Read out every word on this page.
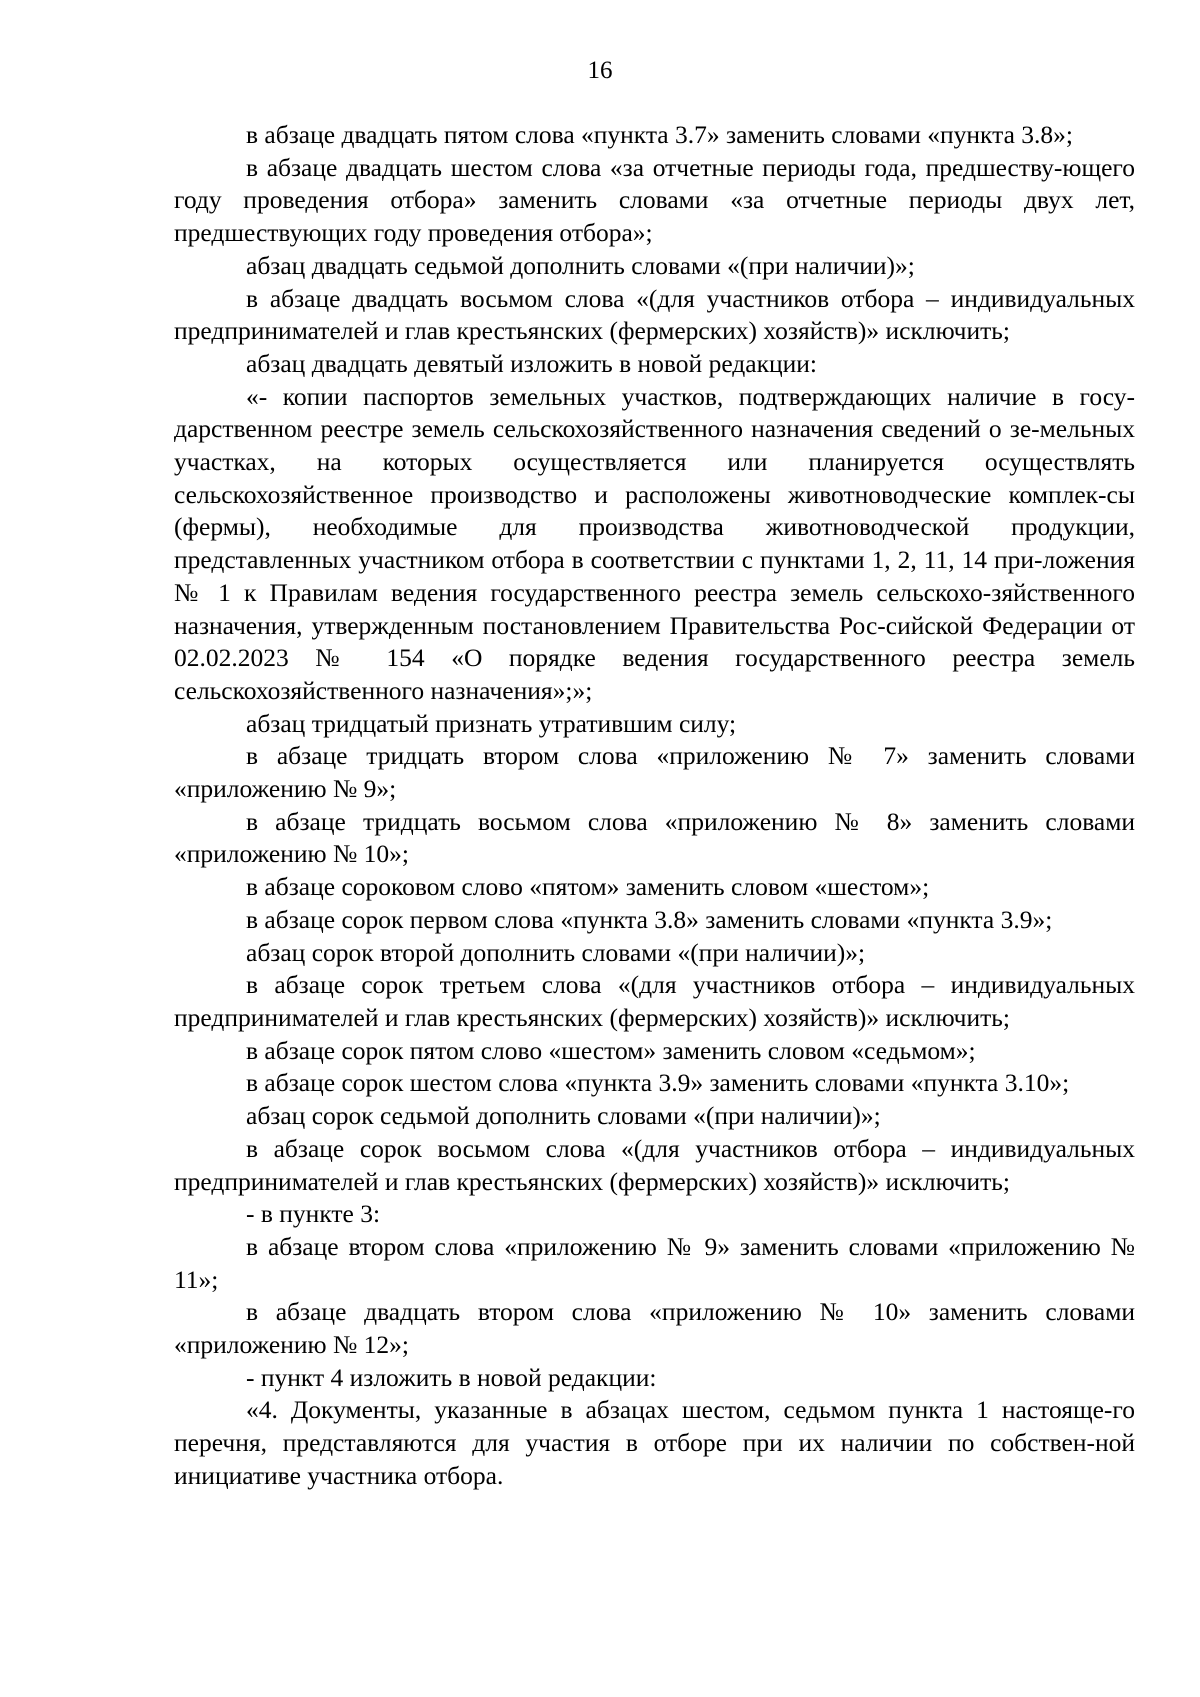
16

в абзаце двадцать пятом слова «пункта 3.7» заменить словами «пункта 3.8»;

в абзаце двадцать шестом слова «за отчетные периоды года, предшеству-ющего году проведения отбора» заменить словами «за отчетные периоды двух лет, предшествующих году проведения отбора»;

абзац двадцать седьмой дополнить словами «(при наличии)»;

в абзаце двадцать восьмом слова «(для участников отбора – индивидуальных предпринимателей и глав крестьянских (фермерских) хозяйств)» исключить;

абзац двадцать девятый изложить в новой редакции:

«- копии паспортов земельных участков, подтверждающих наличие в госу-дарственном реестре земель сельскохозяйственного назначения сведений о зе-мельных участках, на которых осуществляется или планируется осуществлять сельскохозяйственное производство и расположены животноводческие комплек-сы (фермы), необходимые для производства животноводческой продукции, представленных участником отбора в соответствии с пунктами 1, 2, 11, 14 при-ложения № 1 к Правилам ведения государственного реестра земель сельскохо-зяйственного назначения, утвержденным постановлением Правительства Рос-сийской Федерации от 02.02.2023 № 154 «О порядке ведения государственного реестра земель сельскохозяйственного назначения»;»;

абзац тридцатый признать утратившим силу;

в абзаце тридцать втором слова «приложению № 7» заменить словами «приложению № 9»;

в абзаце тридцать восьмом слова «приложению № 8» заменить словами «приложению № 10»;

в абзаце сороковом слово «пятом» заменить словом «шестом»;

в абзаце сорок первом слова «пункта 3.8» заменить словами «пункта 3.9»;

абзац сорок второй дополнить словами «(при наличии)»;

в абзаце сорок третьем слова «(для участников отбора – индивидуальных предпринимателей и глав крестьянских (фермерских) хозяйств)» исключить;

в абзаце сорок пятом слово «шестом» заменить словом «седьмом»;

в абзаце сорок шестом слова «пункта 3.9» заменить словами «пункта 3.10»;

абзац сорок седьмой дополнить словами «(при наличии)»;

в абзаце сорок восьмом слова «(для участников отбора – индивидуальных предпринимателей и глав крестьянских (фермерских) хозяйств)» исключить;

- в пункте 3:

в абзаце втором слова «приложению № 9» заменить словами «приложению № 11»;

в абзаце двадцать втором слова «приложению № 10» заменить словами «приложению № 12»;

- пункт 4 изложить в новой редакции:

«4. Документы, указанные в абзацах шестом, седьмом пункта 1 настояще-го перечня, представляются для участия в отборе при их наличии по собствен-ной инициативе участника отбора.
